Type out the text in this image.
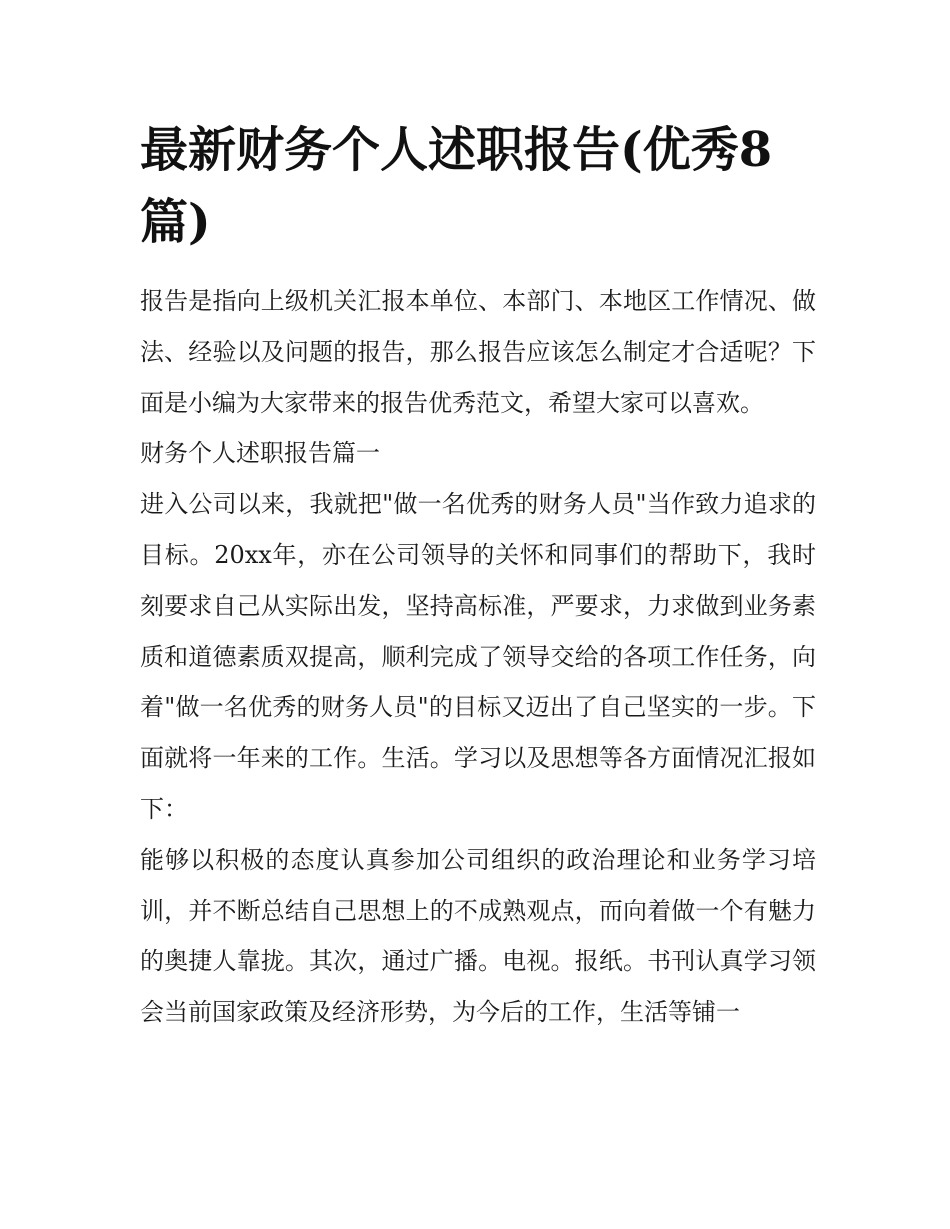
最新财务个人述职报告(优秀8篇)

报告是指向上级机关汇报本单位、本部门、本地区工作情况、做法、经验以及问题的报告，那么报告应该怎么制定才合适呢？下面是小编为大家带来的报告优秀范文，希望大家可以喜欢。

财务个人述职报告篇一

进入公司以来，我就把"做一名优秀的财务人员"当作致力追求的目标。20xx年，亦在公司领导的关怀和同事们的帮助下，我时刻要求自己从实际出发，坚持高标准，严要求，力求做到业务素质和道德素质双提高，顺利完成了领导交给的各项工作任务，向着"做一名优秀的财务人员"的目标又迈出了自己坚实的一步。下面就将一年来的工作。生活。学习以及思想等各方面情况汇报如下：

能够以积极的态度认真参加公司组织的政治理论和业务学习培训，并不断总结自己思想上的不成熟观点，而向着做一个有魅力的奥捷人靠拢。其次，通过广播。电视。报纸。书刊认真学习领会当前国家政策及经济形势，为今后的工作，生活等铺一
